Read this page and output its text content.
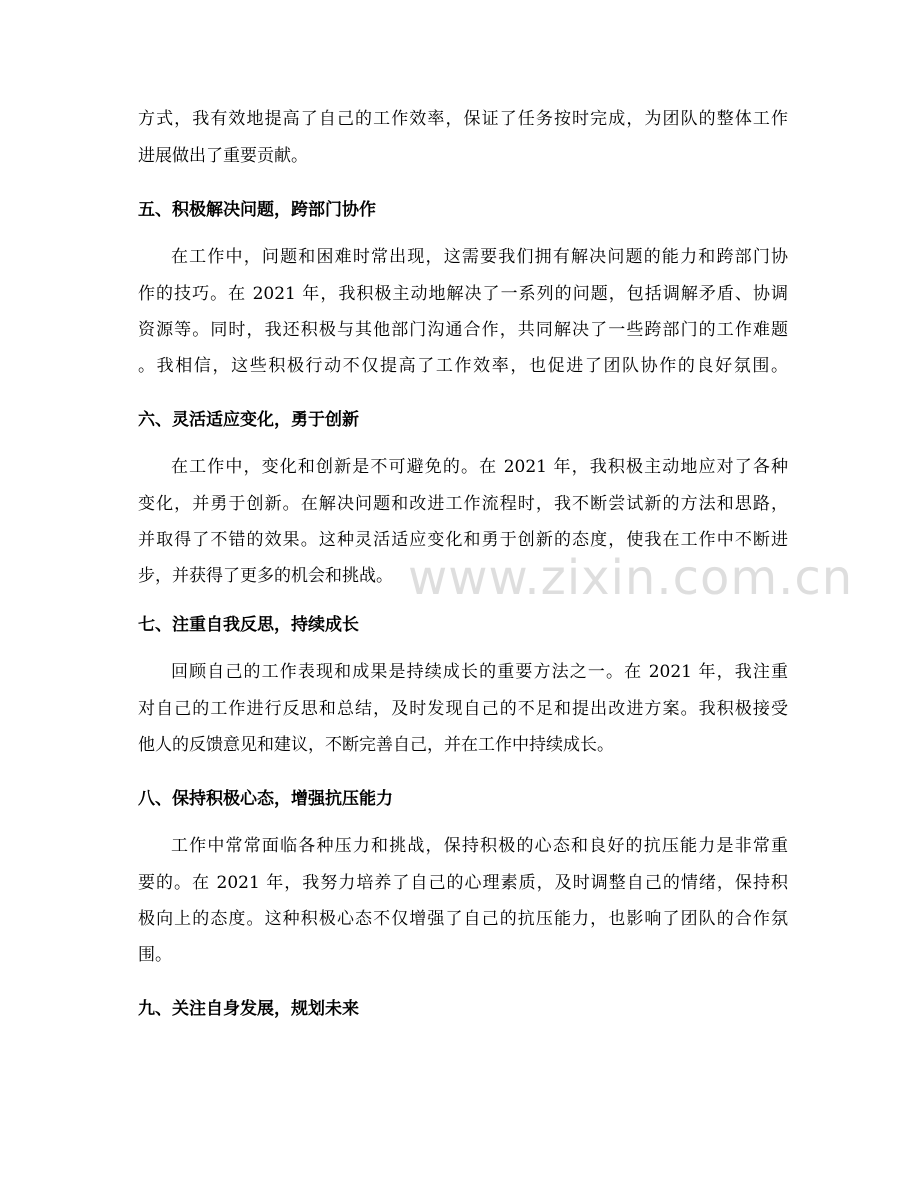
方式，我有效地提高了自己的工作效率，保证了任务按时完成，为团队的整体工作
进展做出了重要贡献。
五、积极解决问题，跨部门协作
在工作中，问题和困难时常出现，这需要我们拥有解决问题的能力和跨部门协
作的技巧。在 2021 年，我积极主动地解决了一系列的问题，包括调解矛盾、协调
资源等。同时，我还积极与其他部门沟通合作，共同解决了一些跨部门的工作难题
。我相信，这些积极行动不仅提高了工作效率，也促进了团队协作的良好氛围。
六、灵活适应变化，勇于创新
在工作中，变化和创新是不可避免的。在 2021 年，我积极主动地应对了各种
变化，并勇于创新。在解决问题和改进工作流程时，我不断尝试新的方法和思路，
并取得了不错的效果。这种灵活适应变化和勇于创新的态度，使我在工作中不断进
步，并获得了更多的机会和挑战。
七、注重自我反思，持续成长
回顾自己的工作表现和成果是持续成长的重要方法之一。在 2021 年，我注重
对自己的工作进行反思和总结，及时发现自己的不足和提出改进方案。我积极接受
他人的反馈意见和建议，不断完善自己，并在工作中持续成长。
八、保持积极心态，增强抗压能力
工作中常常面临各种压力和挑战，保持积极的心态和良好的抗压能力是非常重
要的。在 2021 年，我努力培养了自己的心理素质，及时调整自己的情绪，保持积
极向上的态度。这种积极心态不仅增强了自己的抗压能力，也影响了团队的合作氛
围。
九、关注自身发展，规划未来
www.zixin.com.cn
